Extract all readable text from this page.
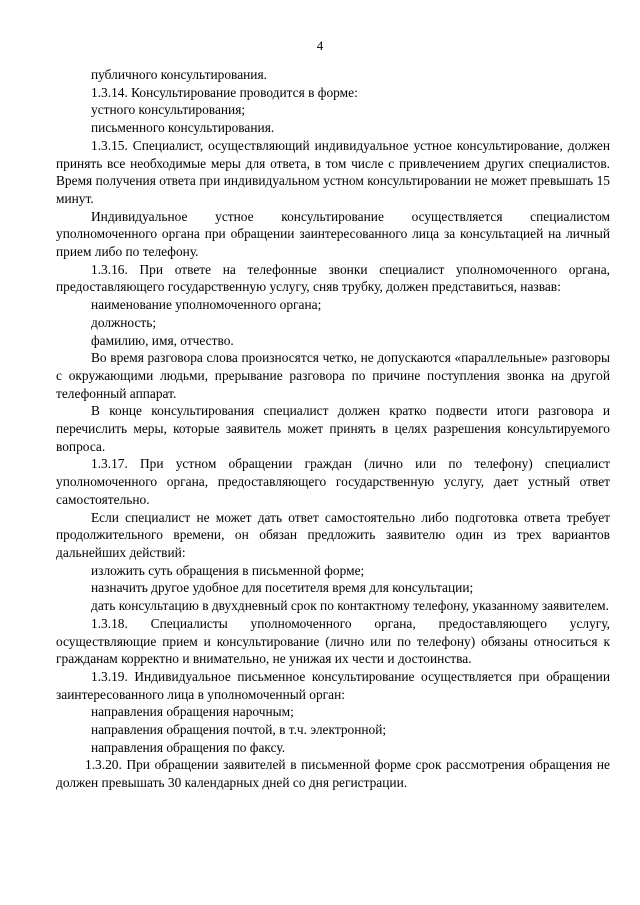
4

публичного консультирования.

1.3.14. Консультирование проводится в форме:

устного консультирования;

письменного консультирования.

1.3.15. Специалист, осуществляющий индивидуальное устное консультирование, должен принять все необходимые меры для ответа, в том числе с привлечением других специалистов. Время получения ответа при индивидуальном устном консультировании не может превышать 15 минут.

Индивидуальное устное консультирование осуществляется специалистом уполномоченного органа при обращении заинтересованного лица за консультацией на личный прием либо по телефону.

1.3.16. При ответе на телефонные звонки специалист уполномоченного органа, предоставляющего государственную услугу, сняв трубку, должен представиться, назвав:

наименование уполномоченного органа;

должность;

фамилию, имя, отчество.

Во время разговора слова произносятся четко, не допускаются «параллельные» разговоры с окружающими людьми, прерывание разговора по причине поступления звонка на другой телефонный аппарат.

В конце консультирования специалист должен кратко подвести итоги разговора и перечислить меры, которые заявитель может принять в целях разрешения консультируемого вопроса.

1.3.17. При устном обращении граждан (лично или по телефону) специалист уполномоченного органа, предоставляющего государственную услугу, дает устный ответ самостоятельно.

Если специалист не может дать ответ самостоятельно либо подготовка ответа требует продолжительного времени, он обязан предложить заявителю один из трех вариантов дальнейших действий:

изложить суть обращения в письменной форме;

назначить другое удобное для посетителя время для консультации;

дать консультацию в двухдневный срок по контактному телефону, указанному заявителем.

1.3.18. Специалисты уполномоченного органа, предоставляющего услугу, осуществляющие прием и консультирование (лично или по телефону) обязаны относиться к гражданам корректно и внимательно, не унижая их чести и достоинства.

1.3.19. Индивидуальное письменное консультирование осуществляется при обращении заинтересованного лица в уполномоченный орган:

направления обращения нарочным;

направления обращения почтой, в т.ч. электронной;

направления обращения по факсу.

1.3.20. При обращении заявителей в письменной форме срок рассмотрения обращения не должен превышать 30 календарных дней со дня регистрации.
